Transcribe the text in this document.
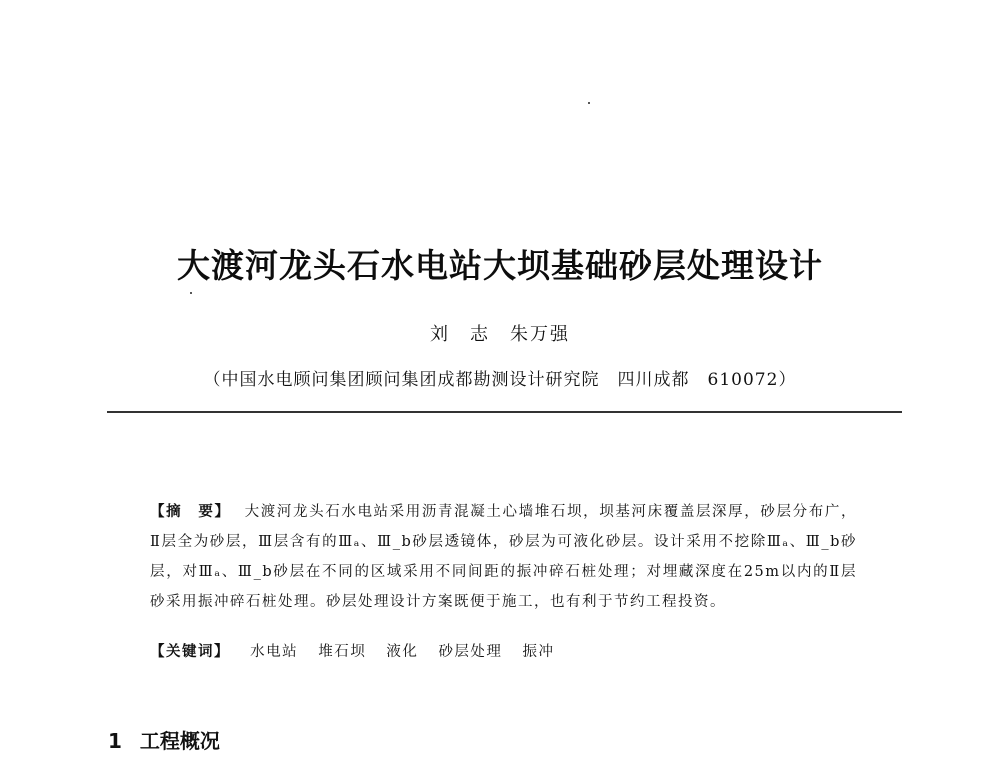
大渡河龙头石水电站大坝基础砂层处理设计
刘　志　朱万强
（中国水电顾问集团顾问集团成都勘测设计研究院　四川成都　610072）
【摘　要】 大渡河龙头石水电站采用沥青混凝土心墙堆石坝，坝基河床覆盖层深厚，砂层分布广，Ⅱ层全为砂层，Ⅲ层含有的Ⅲₐ、Ⅲ_b砂层透镜体，砂层为可液化砂层。设计采用不挖除Ⅲₐ、Ⅲ_b砂层，对Ⅲₐ、Ⅲ_b砂层在不同的区域采用不同间距的振冲碎石桩处理；对埋藏深度在25m以内的Ⅱ层砂采用振冲碎石桩处理。砂层处理设计方案既便于施工，也有利于节约工程投资。
【关键词】 水电站 堆石坝 液化 砂层处理 振冲
1 工程概况
